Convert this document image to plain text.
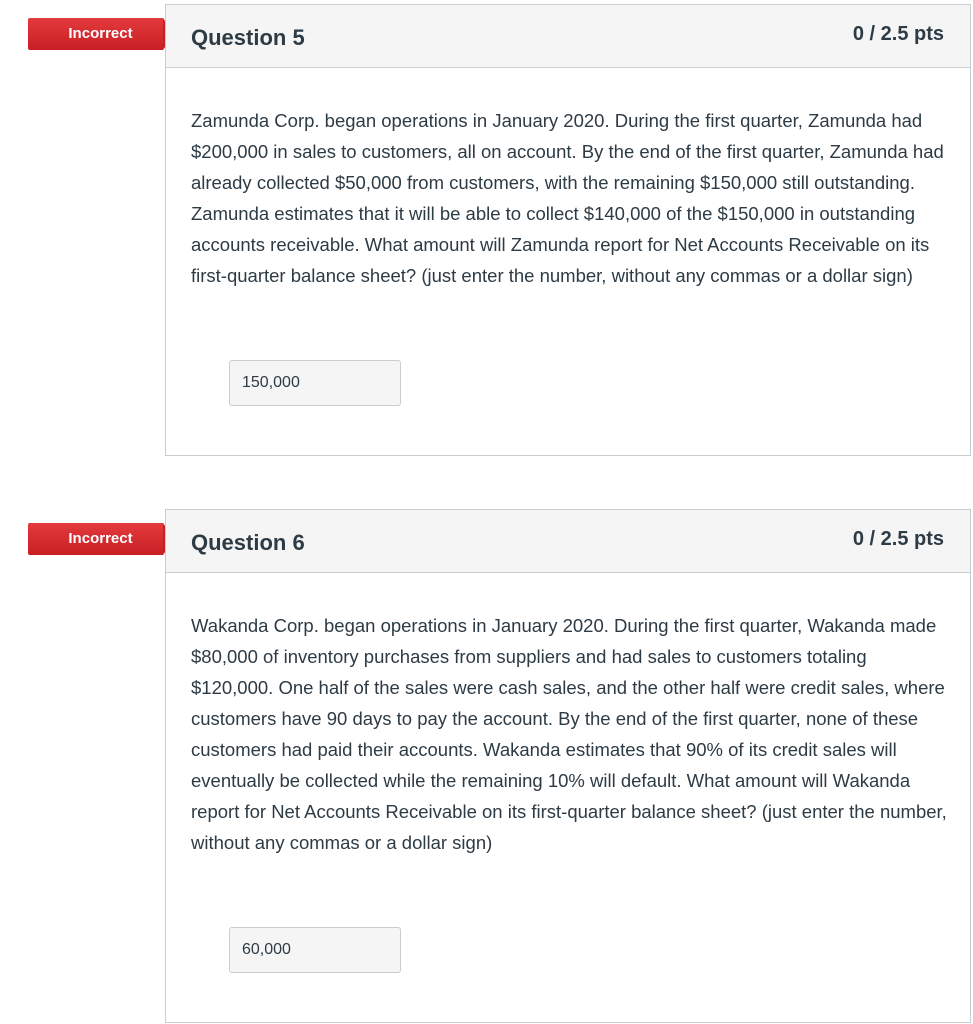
Incorrect	Question 5	0 / 2.5 pts
Zamunda Corp. began operations in January 2020. During the first quarter, Zamunda had $200,000 in sales to customers, all on account. By the end of the first quarter, Zamunda had already collected $50,000 from customers, with the remaining $150,000 still outstanding. Zamunda estimates that it will be able to collect $140,000 of the $150,000 in outstanding accounts receivable. What amount will Zamunda report for Net Accounts Receivable on its first-quarter balance sheet? (just enter the number, without any commas or a dollar sign)
150,000
Incorrect	Question 6	0 / 2.5 pts
Wakanda Corp. began operations in January 2020. During the first quarter, Wakanda made $80,000 of inventory purchases from suppliers and had sales to customers totaling $120,000. One half of the sales were cash sales, and the other half were credit sales, where customers have 90 days to pay the account. By the end of the first quarter, none of these customers had paid their accounts. Wakanda estimates that 90% of its credit sales will eventually be collected while the remaining 10% will default. What amount will Wakanda report for Net Accounts Receivable on its first-quarter balance sheet? (just enter the number, without any commas or a dollar sign)
60,000
